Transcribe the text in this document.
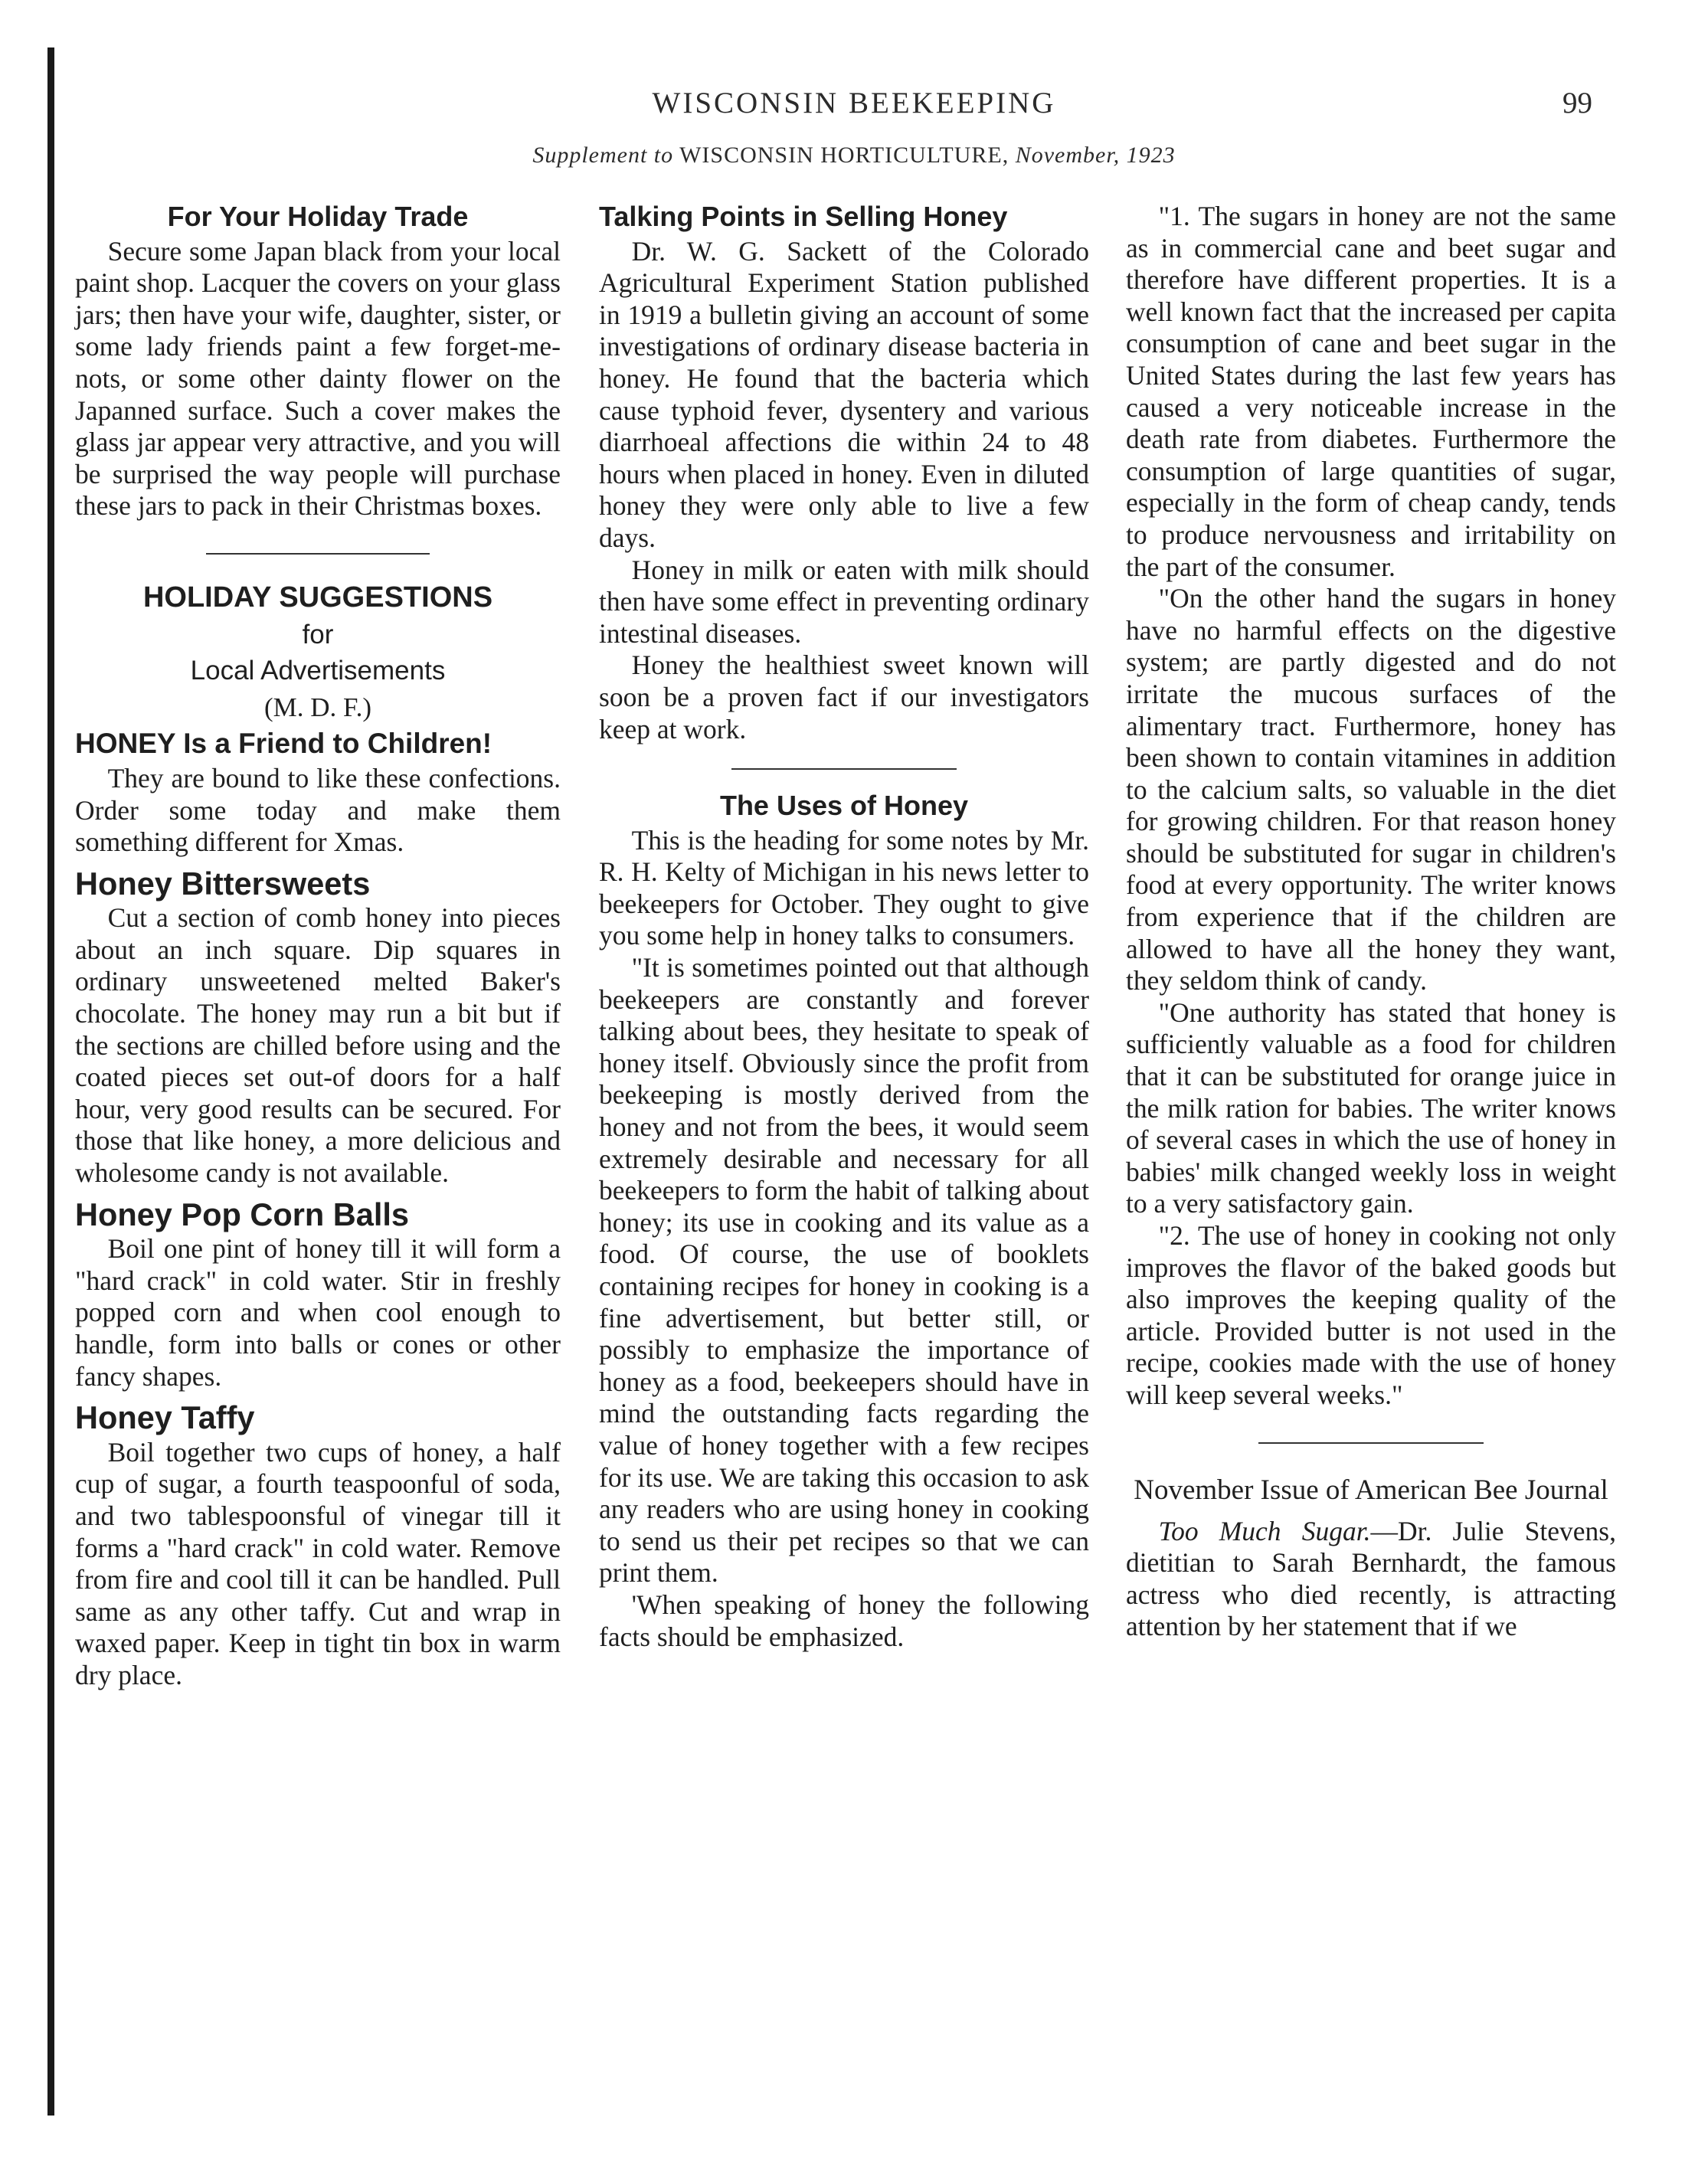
WISCONSIN BEEKEEPING	99
Supplement to WISCONSIN HORTICULTURE, November, 1923
For Your Holiday Trade

Secure some Japan black from your local paint shop. Lacquer the covers on your glass jars; then have your wife, daughter, sister, or some lady friends paint a few forget-me-nots, or some other dainty flower on the Japanned surface. Such a cover makes the glass jar appear very attractive, and you will be surprised the way people will purchase these jars to pack in their Christmas boxes.

HOLIDAY SUGGESTIONS
for
Local Advertisements
(M. D. F.)
HONEY Is a Friend to Children!

They are bound to like these confections. Order some today and make them something different for Xmas.

Honey Bittersweets

Cut a section of comb honey into pieces about an inch square. Dip squares in ordinary unsweetened melted Baker's chocolate. The honey may run a bit but if the sections are chilled before using and the coated pieces set out-of doors for a half hour, very good results can be secured. For those that like honey, a more delicious and wholesome candy is not available.

Honey Pop Corn Balls

Boil one pint of honey till it will form a "hard crack" in cold water. Stir in freshly popped corn and when cool enough to handle, form into balls or cones or other fancy shapes.

Honey Taffy

Boil together two cups of honey, a half cup of sugar, a fourth teaspoonful of soda, and two tablespoonsful of vinegar till it forms a "hard crack" in cold water. Remove from fire and cool till it can be handled. Pull same as any other taffy. Cut and wrap in waxed paper. Keep in tight tin box in warm dry place.

Talking Points in Selling Honey

Dr. W. G. Sackett of the Colorado Agricultural Experiment Station published in 1919 a bulletin giving an account of some investigations of ordinary disease bacteria in honey. He found that the bacteria which cause typhoid fever, dysentery and various diarrhoeal affections die within 24 to 48 hours when placed in honey. Even in diluted honey they were only able to live a few days.

Honey in milk or eaten with milk should then have some effect in preventing ordinary intestinal diseases.

Honey the healthiest sweet known will soon be a proven fact if our investigators keep at work.

The Uses of Honey

This is the heading for some notes by Mr. R. H. Kelty of Michigan in his news letter to beekeepers for October. They ought to give you some help in honey talks to consumers.

"It is sometimes pointed out that although beekeepers are constantly and forever talking about bees, they hesitate to speak of honey itself. Obviously since the profit from beekeeping is mostly derived from the honey and not from the bees, it would seem extremely desirable and necessary for all beekeepers to form the habit of talking about honey; its use in cooking and its value as a food. Of course, the use of booklets containing recipes for honey in cooking is a fine advertisement, but better still, or possibly to emphasize the importance of honey as a food, beekeepers should have in mind the outstanding facts regarding the value of honey together with a few recipes for its use. We are taking this occasion to ask any readers who are using honey in cooking to send us their pet recipes so that we can print them.

'When speaking of honey the following facts should be emphasized.

"1. The sugars in honey are not the same as in commercial cane and beet sugar and therefore have different properties. It is a well known fact that the increased per capita consumption of cane and beet sugar in the United States during the last few years has caused a very noticeable increase in the death rate from diabetes. Furthermore the consumption of large quantities of sugar, especially in the form of cheap candy, tends to produce nervousness and irritability on the part of the consumer.

"On the other hand the sugars in honey have no harmful effects on the digestive system; are partly digested and do not irritate the mucous surfaces of the alimentary tract. Furthermore, honey has been shown to contain vitamines in addition to the calcium salts, so valuable in the diet for growing children. For that reason honey should be substituted for sugar in children's food at every opportunity. The writer knows from experience that if the children are allowed to have all the honey they want, they seldom think of candy.

"One authority has stated that honey is sufficiently valuable as a food for children that it can be substituted for orange juice in the milk ration for babies. The writer knows of several cases in which the use of honey in babies' milk changed weekly loss in weight to a very satisfactory gain.

"2. The use of honey in cooking not only improves the flavor of the baked goods but also improves the keeping quality of the article. Provided butter is not used in the recipe, cookies made with the use of honey will keep several weeks."

November Issue of American Bee Journal

Too Much Sugar.—Dr. Julie Stevens, dietitian to Sarah Bernhardt, the famous actress who died recently, is attracting attention by her statement that if we
